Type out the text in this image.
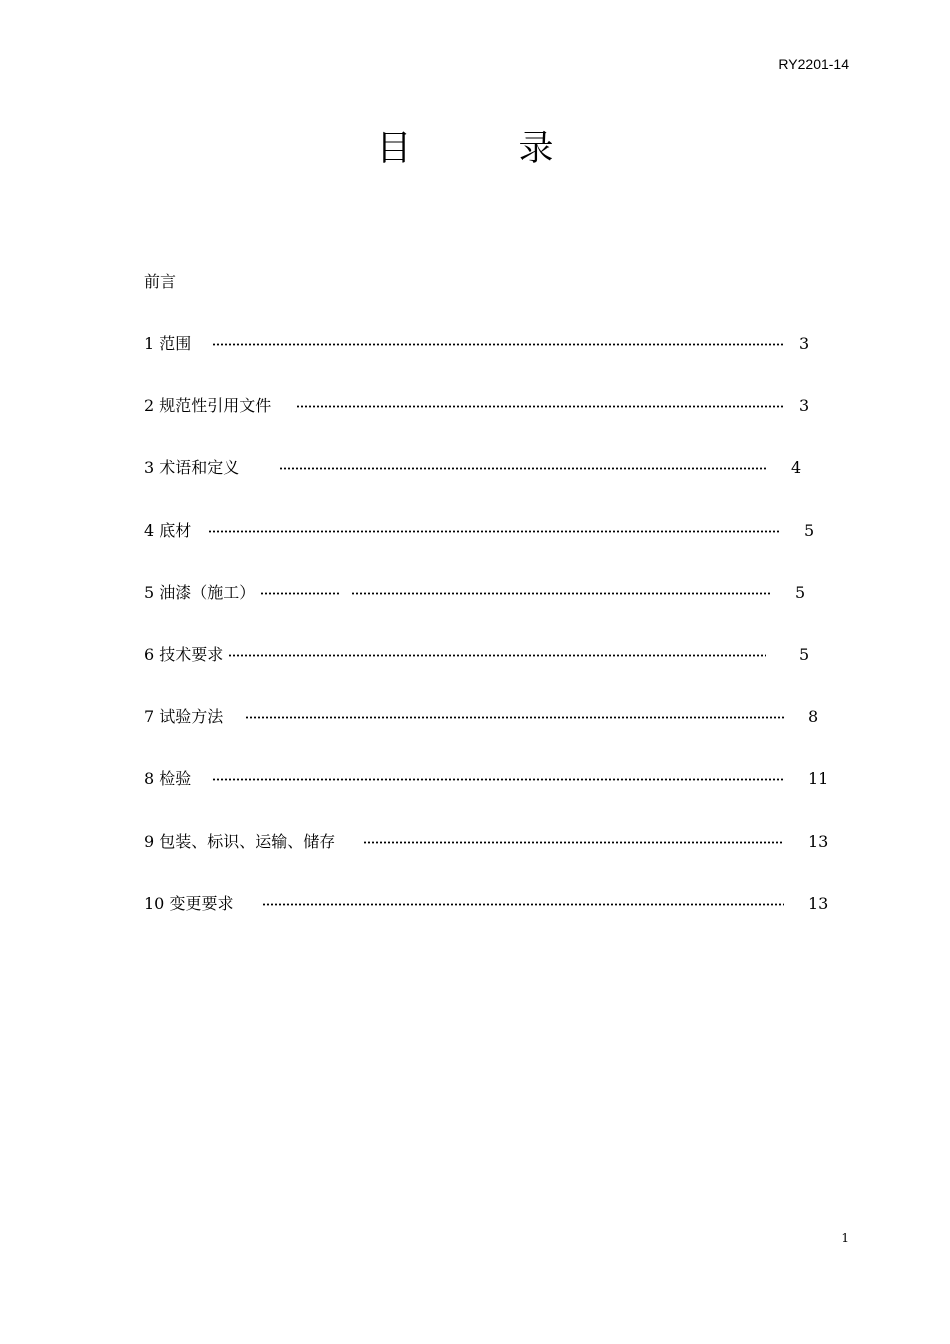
RY2201-14
目 录
前言
1 范围	3
2 规范性引用文件	3
3 术语和定义	4
4 底材	5
5 油漆（施工）	5
6 技术要求	5
7 试验方法	8
8 检验	11
9 包装、标识、运输、储存	13
10 变更要求	13
1
